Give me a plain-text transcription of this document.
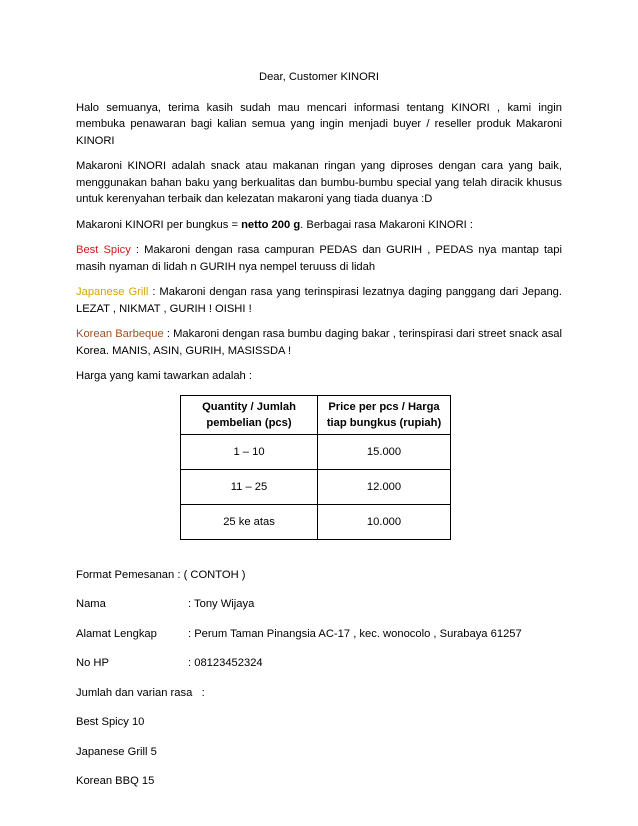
Dear, Customer KINORI
Halo semuanya, terima kasih sudah mau mencari informasi tentang KINORI , kami ingin membuka penawaran bagi kalian semua yang ingin menjadi buyer / reseller produk Makaroni KINORI
Makaroni KINORI adalah snack atau makanan ringan yang diproses dengan cara yang baik, menggunakan bahan baku yang berkualitas dan bumbu-bumbu special yang telah diracik khusus untuk kerenyahan terbaik dan kelezatan makaroni yang tiada duanya :D
Makaroni KINORI per bungkus = netto 200 g. Berbagai rasa Makaroni KINORI :
Best Spicy : Makaroni dengan rasa campuran PEDAS dan GURIH , PEDAS nya mantap tapi masih nyaman di lidah n GURIH nya nempel teruuss di lidah
Japanese Grill : Makaroni dengan rasa yang terinspirasi lezatnya daging panggang dari Jepang. LEZAT , NIKMAT , GURIH ! OISHI !
Korean Barbeque : Makaroni dengan rasa bumbu daging bakar , terinspirasi dari street snack asal Korea. MANIS, ASIN, GURIH, MASISSDA !
Harga yang kami tawarkan adalah :
Quantity / Jumlah pembelian (pcs)	Price per pcs / Harga tiap bungkus (rupiah)
1 – 10	15.000
11 – 25	12.000
25 ke atas	10.000
Format Pemesanan : ( CONTOH )
Nama	: Tony Wijaya
Alamat Lengkap	: Perum Taman Pinangsia AC-17 , kec. wonocolo , Surabaya 61257
No HP	: 08123452324
Jumlah dan varian rasa   :
Best Spicy 10
Japanese Grill 5
Korean BBQ 15
